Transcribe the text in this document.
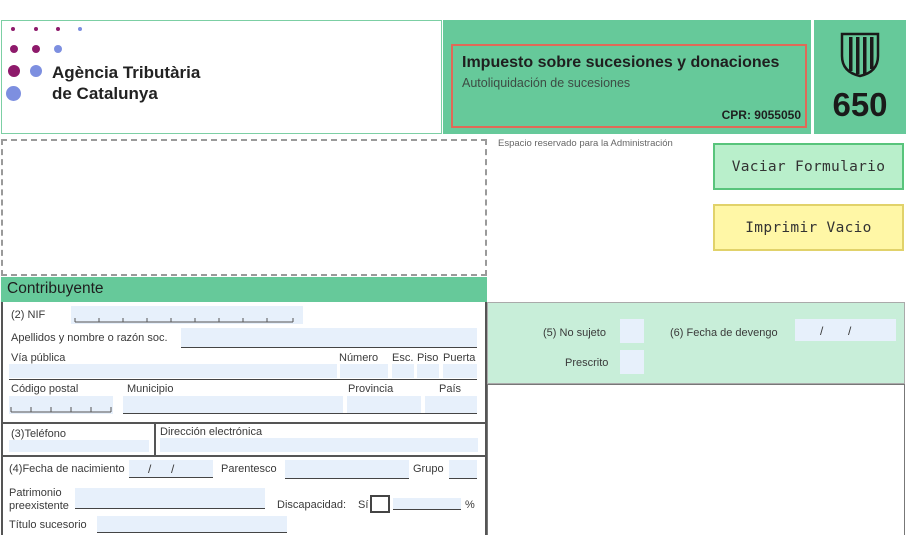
Agència Tributària
de Catalunya
Impuesto sobre sucesiones y donaciones
Autoliquidación de sucesiones
CPR: 9055050 650
Espacio reservado para la Administración
Vaciar Formulario
Imprimir Vacio
Contribuyente
(2) NIF
Apellidos y nombre o razón soc.
Vía pública	Número Esc. Piso Puerta
Código postal	Municipio	Provincia	País
(3)Teléfono	Dirección electrónica
(4)Fecha de nacimiento / /	Parentesco	Grupo
Patrimonio
preexistente	Discapacidad: Sí	%
Título sucesorio
(5) No sujeto	(6) Fecha de devengo	/ /
Prescrito
